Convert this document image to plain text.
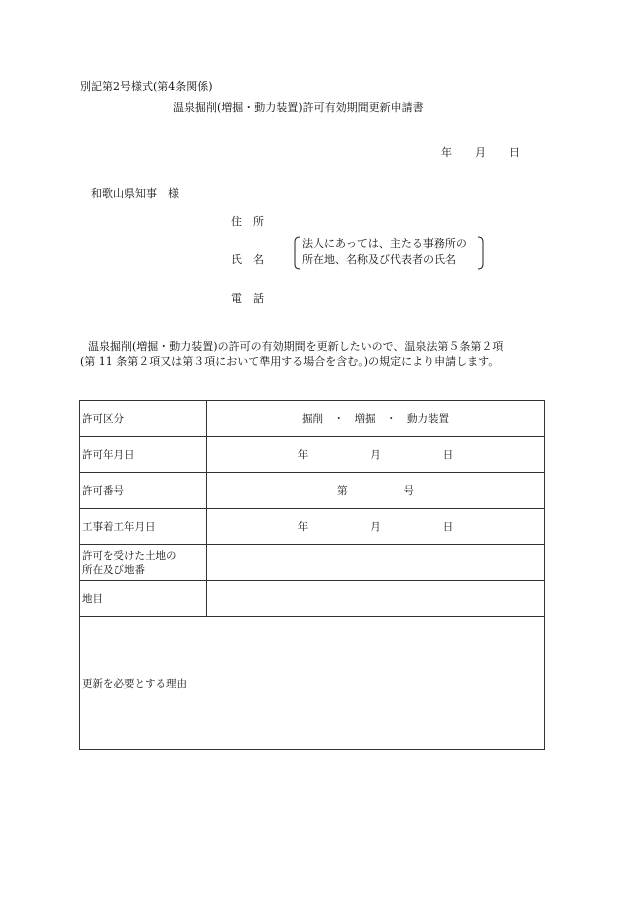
別記第2号様式(第4条関係)
温泉掘削(増掘・動力装置)許可有効期間更新申請書
年 月 日
和歌山県知事　様
住　所
氏　名
電　話
法人にあっては、主たる事務所の
所在地、名称及び代表者の氏名
温泉掘削(増掘・動力装置)の許可の有効期間を更新したいので、温泉法第５条第２項
(第 11 条第２項又は第３項において準用する場合を含む。)の規定により申請します。
許可区分	掘削　・　増掘　・　動力装置
許可年月日	年 月 日
許可番号	第 号
工事着工年月日	年 月 日

許可を受けた土地の
所在及び地番	

地目	
更新を必要とする理由	
